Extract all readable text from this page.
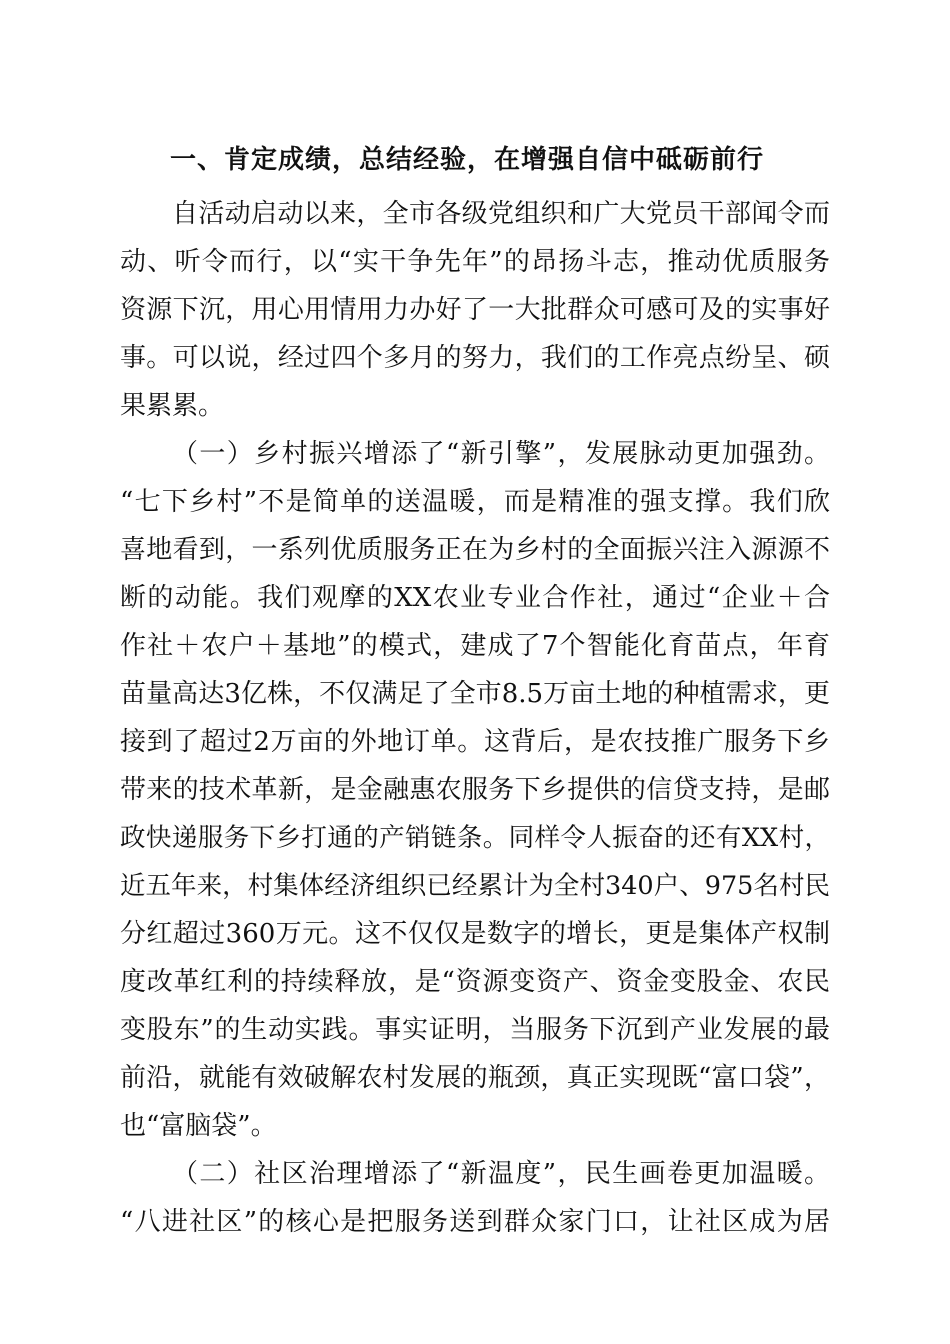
一、肯定成绩，总结经验，在增强自信中砥砺前行
自活动启动以来，全市各级党组织和广大党员干部闻令而
动、听令而行，以“实干争先年”的昂扬斗志，推动优质服务
资源下沉，用心用情用力办好了一大批群众可感可及的实事好
事。可以说，经过四个多月的努力，我们的工作亮点纷呈、硕
果累累。
（一）乡村振兴增添了“新引擎”，发展脉动更加强劲。
“七下乡村”不是简单的送温暖，而是精准的强支撑。我们欣
喜地看到，一系列优质服务正在为乡村的全面振兴注入源源不
断的动能。我们观摩的XX农业专业合作社，通过“企业＋合
作社＋农户＋基地”的模式，建成了7个智能化育苗点，年育
苗量高达3亿株，不仅满足了全市8.5万亩土地的种植需求，更
接到了超过2万亩的外地订单。这背后，是农技推广服务下乡
带来的技术革新，是金融惠农服务下乡提供的信贷支持，是邮
政快递服务下乡打通的产销链条。同样令人振奋的还有XX村，
近五年来，村集体经济组织已经累计为全村340户、975名村民
分红超过360万元。这不仅仅是数字的增长，更是集体产权制
度改革红利的持续释放，是“资源变资产、资金变股金、农民
变股东”的生动实践。事实证明，当服务下沉到产业发展的最
前沿，就能有效破解农村发展的瓶颈，真正实现既“富口袋”，
也“富脑袋”。
（二）社区治理增添了“新温度”，民生画卷更加温暖。
“八进社区”的核心是把服务送到群众家门口，让社区成为居
